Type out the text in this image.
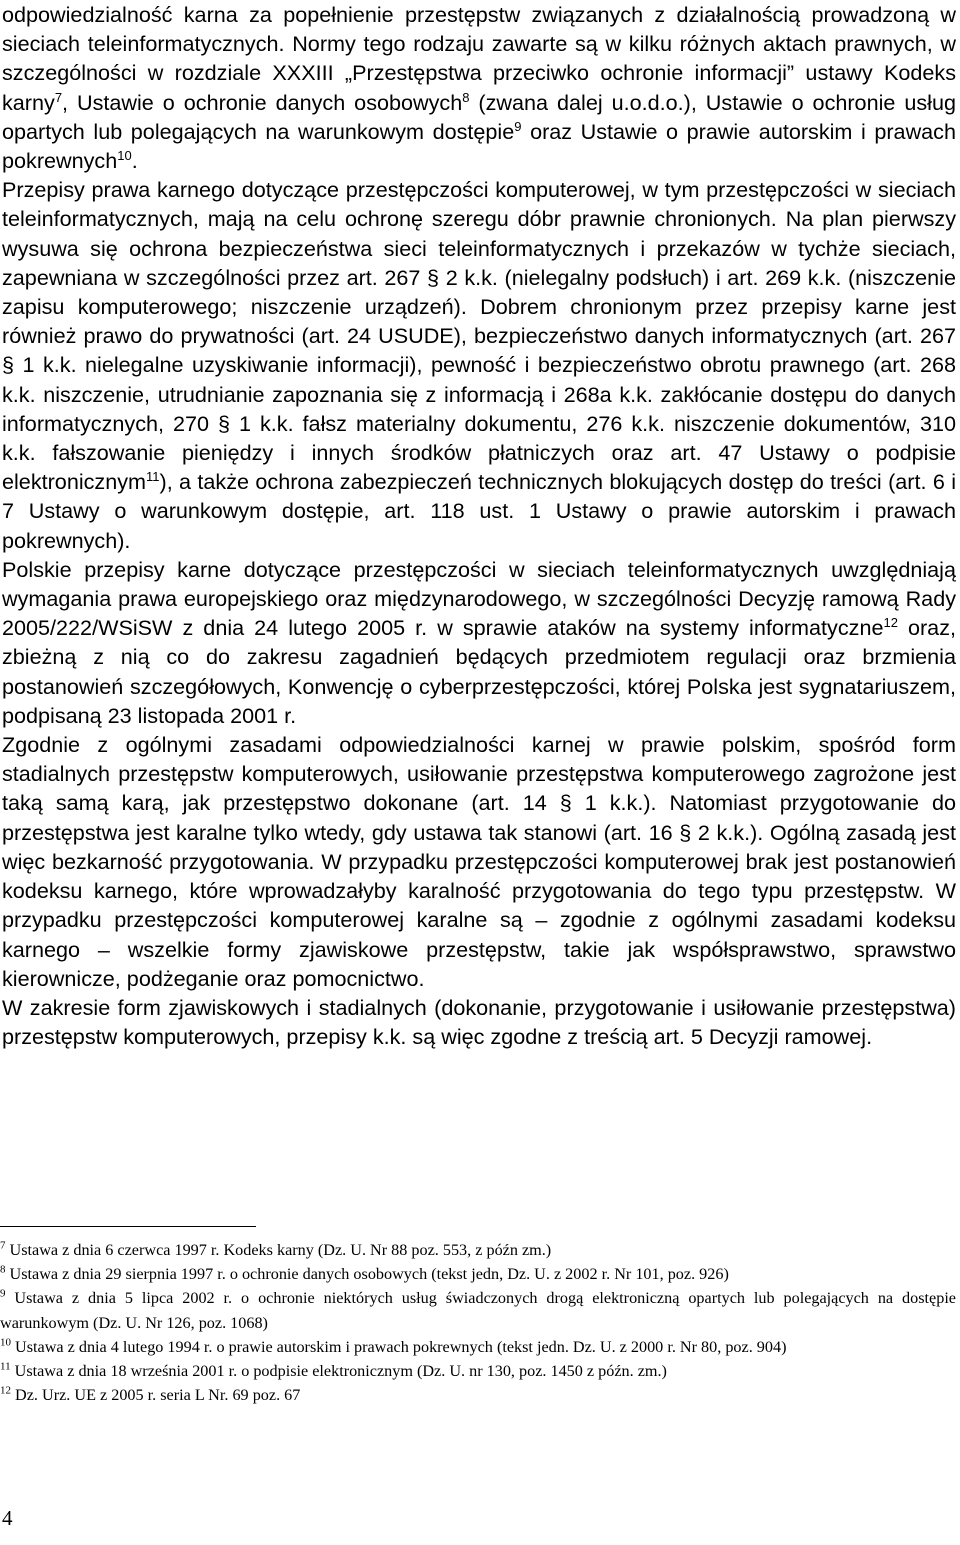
odpowiedzialność karna za popełnienie przestępstw związanych z działalnością prowadzoną w sieciach teleinformatycznych. Normy tego rodzaju zawarte są w kilku różnych aktach prawnych, w szczególności w rozdziale XXXIII „Przestępstwa przeciwko ochronie informacji” ustawy Kodeks karny$^7$, Ustawie o ochronie danych osobowych$^8$ (zwana dalej u.o.d.o.), Ustawie o ochronie usług opartych lub polegających na warunkowym dostępie$^9$ oraz Ustawie o prawie autorskim i prawach pokrewnych$^{10}$.

Przepisy prawa karnego dotyczące przestępczości komputerowej, w tym przestępczości w sieciach teleinformatycznych, mają na celu ochronę szeregu dóbr prawnie chronionych. Na plan pierwszy wysuwa się ochrona bezpieczeństwa sieci teleinformatycznych i przekazów w tychże sieciach, zapewniana w szczególności przez art. 267 § 2 k.k. (nielegalny podsłuch) i art. 269 k.k. (niszczenie zapisu komputerowego; niszczenie urządzeń). Dobrem chronionym przez przepisy karne jest również prawo do prywatności (art. 24 USUDE), bezpieczeństwo danych informatycznych (art. 267 § 1 k.k. nielegalne uzyskiwanie informacji), pewność i bezpieczeństwo obrotu prawnego (art. 268 k.k. niszczenie, utrudnianie zapoznania się z informacją i 268a k.k. zakłócanie dostępu do danych informatycznych, 270 § 1 k.k. fałsz materialny dokumentu, 276 k.k. niszczenie dokumentów, 310 k.k. fałszowanie pieniędzy i innych środków płatniczych oraz art. 47 Ustawy o podpisie elektronicznym$^{11}$), a także ochrona zabezpieczeń technicznych blokujących dostęp do treści (art. 6 i 7 Ustawy o warunkowym dostępie, art. 118 ust. 1 Ustawy o prawie autorskim i prawach pokrewnych).

Polskie przepisy karne dotyczące przestępczości w sieciach teleinformatycznych uwzględniają wymagania prawa europejskiego oraz międzynarodowego, w szczególności Decyzję ramową Rady 2005/222/WSiSW z dnia 24 lutego 2005 r. w sprawie ataków na systemy informatyczne$^{12}$ oraz, zbieżną z nią co do zakresu zagadnień będących przedmiotem regulacji oraz brzmienia postanowień szczegółowych, Konwencję o cyberprzestępczości, której Polska jest sygnatariuszem, podpisaną 23 listopada 2001 r.

Zgodnie z ogólnymi zasadami odpowiedzialności karnej w prawie polskim, spośród form stadialnych przestępstw komputerowych, usiłowanie przestępstwa komputerowego zagrożone jest taką samą karą, jak przestępstwo dokonane (art. 14 § 1 k.k.). Natomiast przygotowanie do przestępstwa jest karalne tylko wtedy, gdy ustawa tak stanowi (art. 16 § 2 k.k.). Ogólną zasadą jest więc bezkarność przygotowania. W przypadku przestępczości komputerowej brak jest postanowień kodeksu karnego, które wprowadzałyby karalność przygotowania do tego typu przestępstw. W przypadku przestępczości komputerowej karalne są – zgodnie z ogólnymi zasadami kodeksu karnego – wszelkie formy zjawiskowe przestępstw, takie jak współsprawstwo, sprawstwo kierownicze, podżeganie oraz pomocnictwo.

W zakresie form zjawiskowych i stadialnych (dokonanie, przygotowanie i usiłowanie przestępstwa) przestępstw komputerowych, przepisy k.k. są więc zgodne z treścią art. 5 Decyzji ramowej.

$^7$ Ustawa z dnia 6 czerwca 1997 r. Kodeks karny (Dz. U. Nr 88 poz. 553, z późn zm.)

$^8$ Ustawa z dnia 29 sierpnia 1997 r. o ochronie danych osobowych (tekst jedn, Dz. U. z 2002 r. Nr 101, poz. 926)

$^9$ Ustawa z dnia 5 lipca 2002 r. o ochronie niektórych usług świadczonych drogą elektroniczną opartych lub polegających na dostępie warunkowym (Dz. U. Nr 126, poz. 1068)

$^{10}$ Ustawa z dnia 4 lutego 1994 r. o prawie autorskim i prawach pokrewnych (tekst jedn. Dz. U. z 2000 r. Nr 80, poz. 904)

$^{11}$ Ustawa z dnia 18 września 2001 r. o podpisie elektronicznym (Dz. U. nr 130, poz. 1450 z późn. zm.)

$^{12}$ Dz. Urz. UE z 2005 r. seria L Nr. 69 poz. 67

4
